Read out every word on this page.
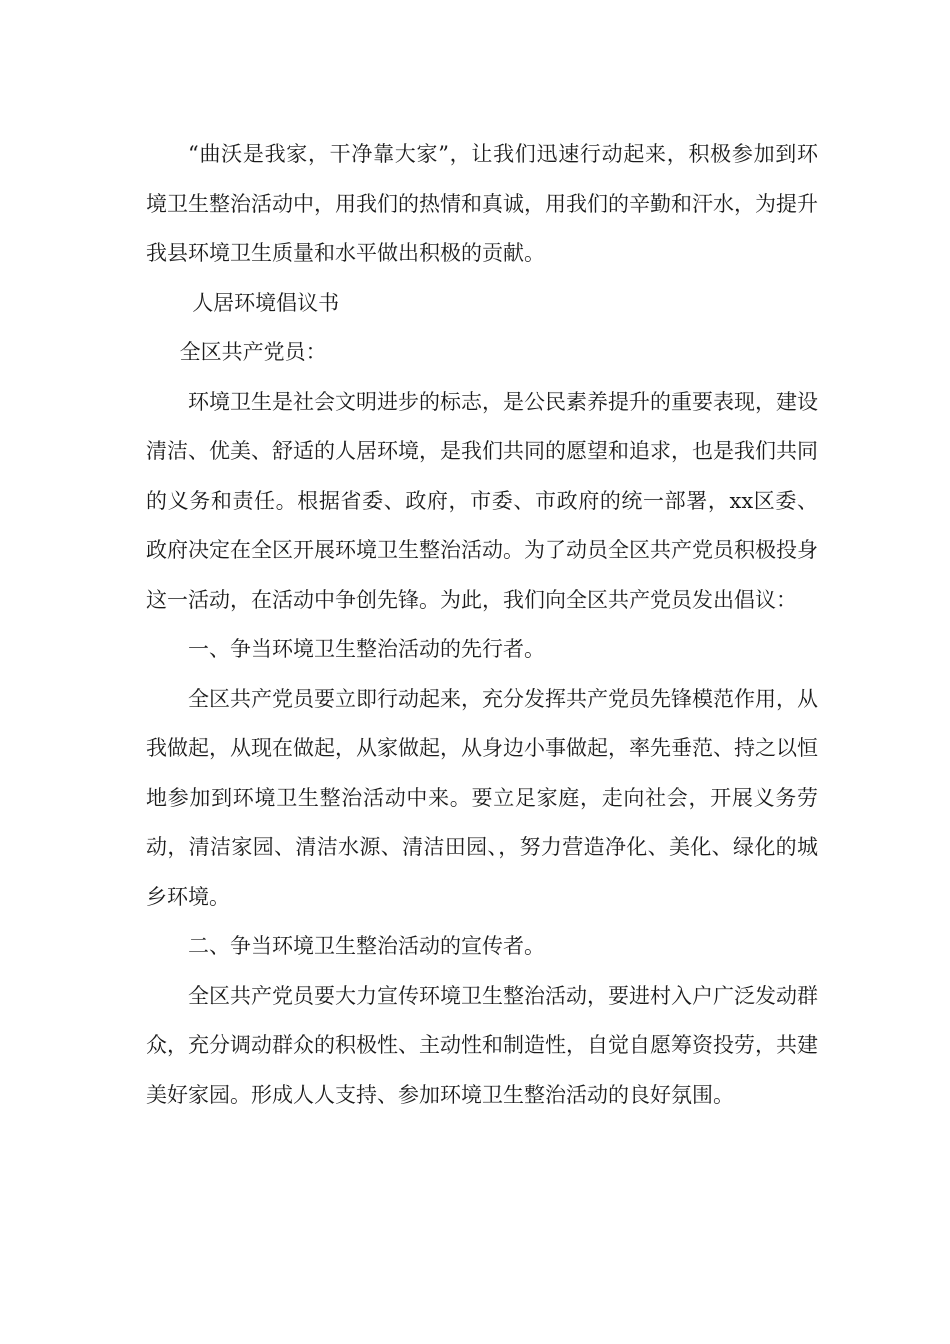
“曲沃是我家，干净靠大家”，让我们迅速行动起来，积极参加到环境卫生整治活动中，用我们的热情和真诚，用我们的辛勤和汗水，为提升我县环境卫生质量和水平做出积极的贡献。

人居环境倡议书

全区共产党员：

环境卫生是社会文明进步的标志，是公民素养提升的重要表现，建设清洁、优美、舒适的人居环境，是我们共同的愿望和追求，也是我们共同的义务和责任。根据省委、政府，市委、市政府的统一部署，xx区委、政府决定在全区开展环境卫生整治活动。为了动员全区共产党员积极投身这一活动，在活动中争创先锋。为此，我们向全区共产党员发出倡议：

一、争当环境卫生整治活动的先行者。

全区共产党员要立即行动起来，充分发挥共产党员先锋模范作用，从我做起，从现在做起，从家做起，从身边小事做起，率先垂范、持之以恒地参加到环境卫生整治活动中来。要立足家庭，走向社会，开展义务劳动，清洁家园、清洁水源、清洁田园、，努力营造净化、美化、绿化的城乡环境。

二、争当环境卫生整治活动的宣传者。

全区共产党员要大力宣传环境卫生整治活动，要进村入户广泛发动群众，充分调动群众的积极性、主动性和制造性，自觉自愿筹资投劳，共建美好家园。形成人人支持、参加环境卫生整治活动的良好氛围。
